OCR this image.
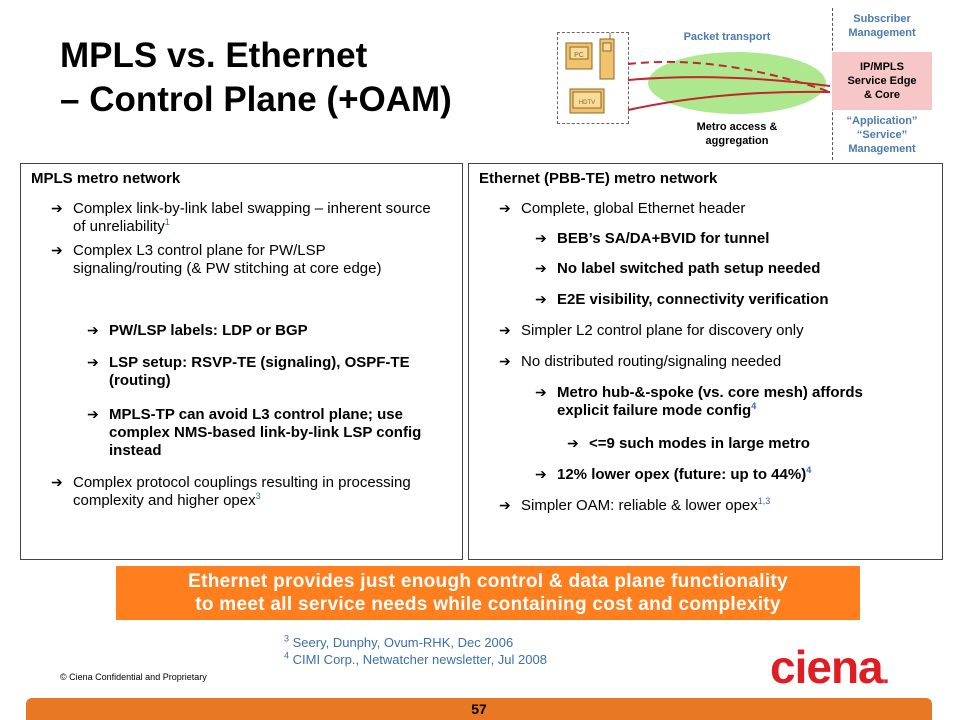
MPLS vs. Ethernet
– Control Plane (+OAM)
PC
HDTV
Packet transport
Metro access &
aggregation
Subscriber
Management
IP/MPLS
Service Edge
& Core
“Application”
“Service”
Management
MPLS metro network
➔ Complex link-by-link label swapping – inherent source of unreliability$^1$
➔ Complex L3 control plane for PW/LSP signaling/routing (& PW stitching at core edge)
➔ PW/LSP labels: LDP or BGP
➔ LSP setup: RSVP-TE (signaling), OSPF-TE (routing)
➔ MPLS-TP can avoid L3 control plane; use complex NMS-based link-by-link LSP config instead
➔ Complex protocol couplings resulting in processing complexity and higher opex$^3$
Ethernet (PBB-TE) metro network
➔ Complete, global Ethernet header
➔ BEB’s SA/DA+BVID for tunnel
➔ No label switched path setup needed
➔ E2E visibility, connectivity verification
➔ Simpler L2 control plane for discovery only
➔ No distributed routing/signaling needed
➔ Metro hub-&-spoke (vs. core mesh) affords explicit failure mode config$^4$
➔ <=9 such modes in large metro
➔ 12% lower opex (future: up to 44%)$^4$
➔ Simpler OAM: reliable & lower opex$^{1,3}$
Ethernet provides just enough control & data plane functionality
to meet all service needs while containing cost and complexity
$^3$ Seery, Dunphy, Ovum-RHK, Dec 2006
$^4$ CIMI Corp., Netwatcher newsletter, Jul 2008
© Ciena Confidential and Proprietary	ciena.
57
